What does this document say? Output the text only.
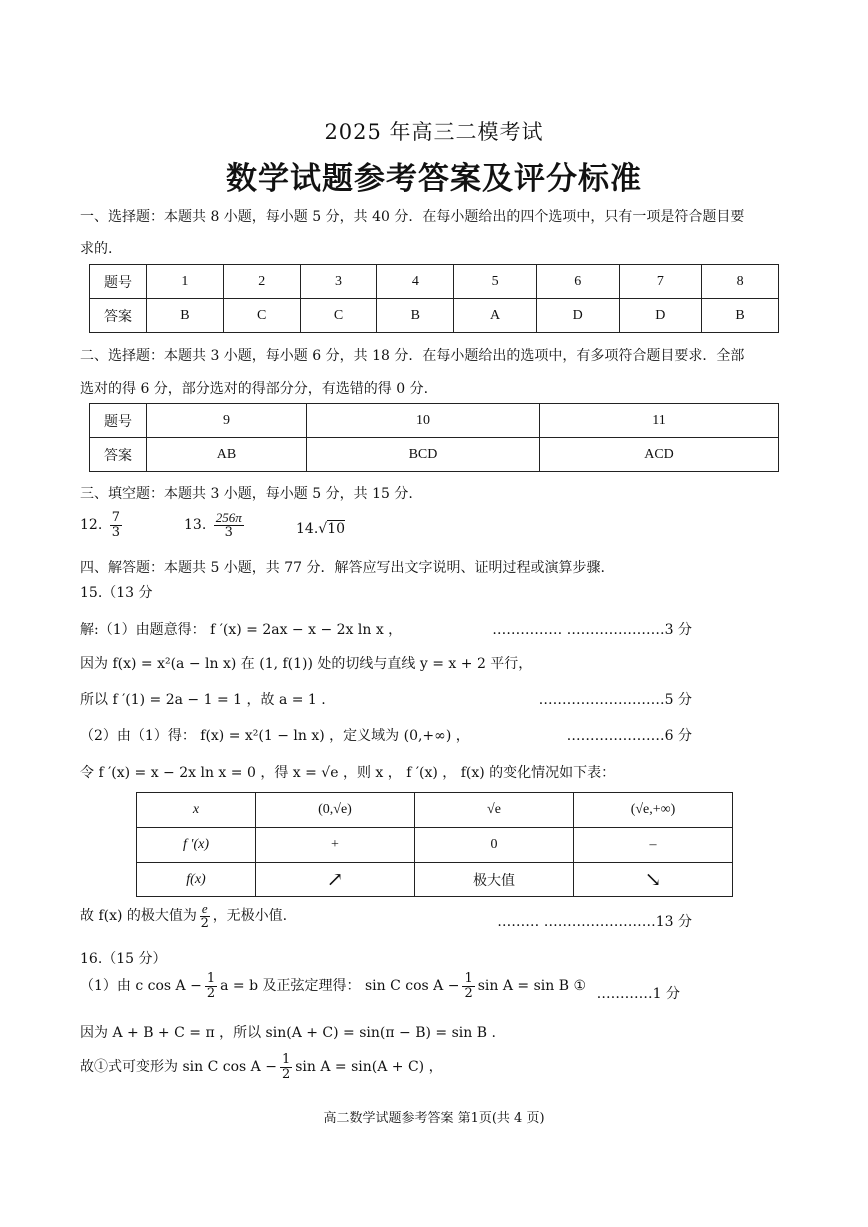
2025 年高三二模考试
数学试题参考答案及评分标准
一、选择题：本题共 8 小题，每小题 5 分，共 40 分．在每小题给出的四个选项中，只有一项是符合题目要
求的.
题号	1	2	3	4	5	6	7	8
答案	B	C	C	B	A	D	D	B
二、选择题：本题共 3 小题，每小题 6 分，共 18 分．在每小题给出的选项中，有多项符合题目要求．全部
选对的得 6 分，部分选对的得部分分，有选错的得 0 分.
题号	9	10	11
答案	AB	BCD	ACD
三、填空题：本题共 3 小题，每小题 5 分，共 15 分.
12. $\frac{7}{3}$	13. $\frac{256\pi}{3}$	14.√10
四、解答题：本题共 5 小题，共 77 分．解答应写出文字说明、证明过程或演算步骤.
15.（13 分
解:（1）由题意得： f ′(x) = 2ax − x − 2x ln x ，	…………… …………………3 分
因为 f(x) = x²(a − ln x) 在 (1, f(1)) 处的切线与直线 y = x + 2 平行，
所以 f ′(1) = 2a − 1 = 1 ，故 a = 1 .	………………………5 分
（2）由（1）得： f(x) = x²(1 − ln x) ，定义域为 (0,+∞) ，	…………………6 分
令 f ′(x) = x − 2x ln x = 0 ，得 x = √e ，则 x ， f ′(x) ， f(x) 的变化情况如下表：
x	(0,√e)	√e	(√e,+∞)
f ′(x)	+	0	–
f(x)	↗	极大值	↘
故 f(x) 的极大值为 $\frac{e}{2}$ ，无极小值.	……… ……………………13 分
16.（15 分）
（1）由 c $\cos A - \frac{1}{2}$ a = b 及正弦定理得： sin C $\cos A - \frac{1}{2}$ sin A = sin B ① …………1 分
因为 A + B + C = π ，所以 sin(A + C) = sin(π − B) = sin B .
故①式可变形为 sin C $\cos A - \frac{1}{2}$ sin A = sin(A + C) ，
高二数学试题参考答案 第1页(共 4 页)
